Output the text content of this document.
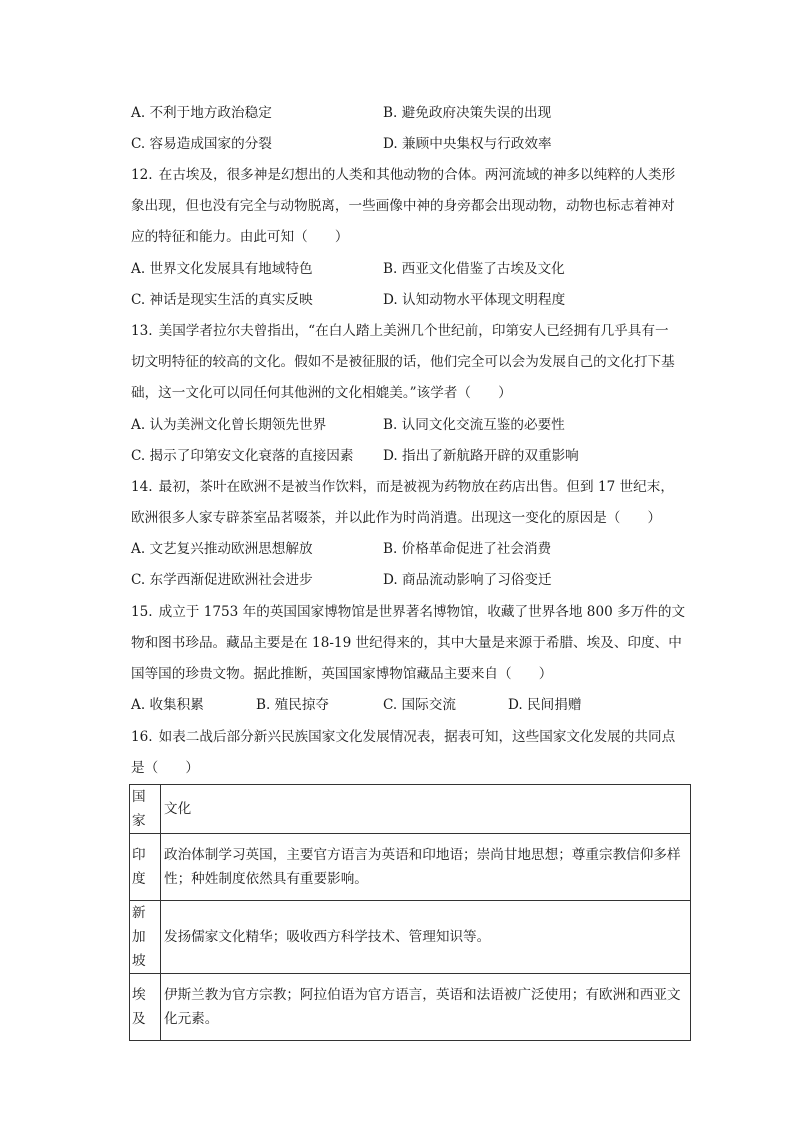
A. 不利于地方政治稳定	B. 避免政府决策失误的出现
C. 容易造成国家的分裂	D. 兼顾中央集权与行政效率
12. 在古埃及，很多神是幻想出的人类和其他动物的合体。两河流域的神多以纯粹的人类形
象出现，但也没有完全与动物脱离，一些画像中神的身旁都会出现动物，动物也标志着神对
应的特征和能力。由此可知（　　）
A. 世界文化发展具有地域特色	B. 西亚文化借鉴了古埃及文化
C. 神话是现实生活的真实反映	D. 认知动物水平体现文明程度
13. 美国学者拉尔夫曾指出，“在白人踏上美洲几个世纪前，印第安人已经拥有几乎具有一
切文明特征的较高的文化。假如不是被征服的话，他们完全可以会为发展自己的文化打下基
础，这一文化可以同任何其他洲的文化相媲美。”该学者（　　）
A. 认为美洲文化曾长期领先世界	B. 认同文化交流互鉴的必要性
C. 揭示了印第安文化衰落的直接因素 D. 指出了新航路开辟的双重影响
14. 最初，茶叶在欧洲不是被当作饮料，而是被视为药物放在药店出售。但到 17 世纪末，
欧洲很多人家专辟茶室品茗啜茶，并以此作为时尚消遣。出现这一变化的原因是（　　）
A. 文艺复兴推动欧洲思想解放	B. 价格革命促进了社会消费
C. 东学西渐促进欧洲社会进步	D. 商品流动影响了习俗变迁
15. 成立于 1753 年的英国国家博物馆是世界著名博物馆，收藏了世界各地 800 多万件的文
物和图书珍品。藏品主要是在 18-19 世纪得来的，其中大量是来源于希腊、埃及、印度、中
国等国的珍贵文物。据此推断，英国国家博物馆藏品主要来自（　　）
A. 收集积累	B. 殖民掠夺	C. 国际交流	D. 民间捐赠
16. 如表二战后部分新兴民族国家文化发展情况表，据表可知，这些国家文化发展的共同点
是（　　）
国家	文化
印度	政治体制学习英国，主要官方语言为英语和印地语；崇尚甘地思想；尊重宗教信仰多样
性；种姓制度依然具有重要影响。

新加
坡	发扬儒家文化精华；吸收西方科学技术、管理知识等。

埃及	伊斯兰教为官方宗教；阿拉伯语为官方语言，英语和法语被广泛使用；有欧洲和西亚文
化元素。
